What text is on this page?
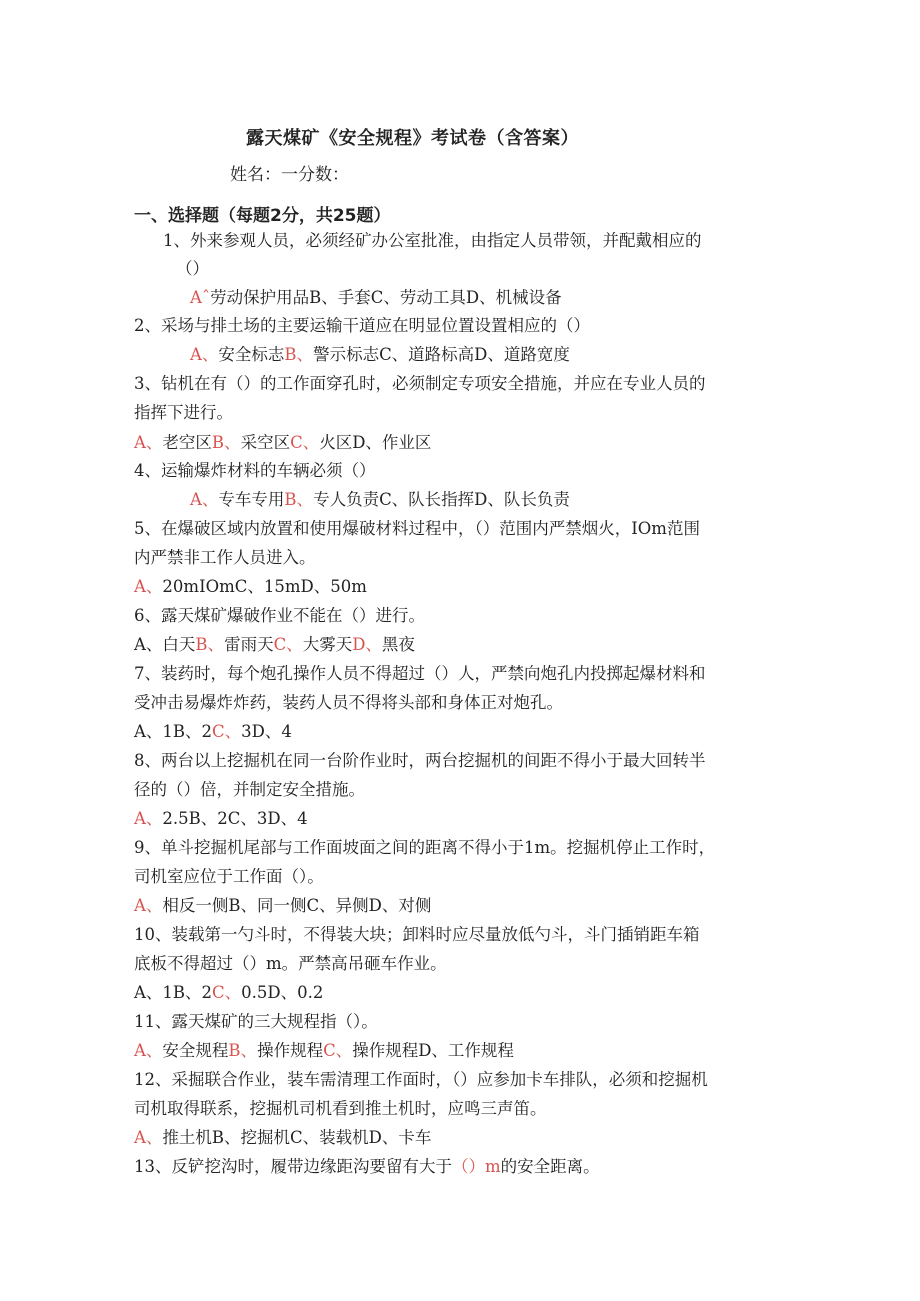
露天煤矿《安全规程》考试卷（含答案）
姓名：一分数：
一、选择题（每题2分，共25题）
1、外来参观人员，必须经矿办公室批准，由指定人员带领，并配戴相应的
（）
Aˆ劳动保护用品B、手套C、劳动工具D、机械设备
2、采场与排土场的主要运输干道应在明显位置设置相应的（）
A、安全标志B、警示标志C、道路标高D、道路宽度
3、钻机在有（）的工作面穿孔时，必须制定专项安全措施，并应在专业人员的
指挥下进行。
A、老空区B、采空区C、火区D、作业区
4、运输爆炸材料的车辆必须（）
A、专车专用B、专人负责C、队长指挥D、队长负责
5、在爆破区域内放置和使用爆破材料过程中，（）范围内严禁烟火，IOm范围
内严禁非工作人员进入。
A、20mIOmC、15mD、50m
6、露天煤矿爆破作业不能在（）进行。
A、白天B、雷雨天C、大雾天D、黑夜
7、装药时，每个炮孔操作人员不得超过（）人，严禁向炮孔内投掷起爆材料和
受冲击易爆炸炸药，装药人员不得将头部和身体正对炮孔。
A、1B、2C、3D、4
8、两台以上挖掘机在同一台阶作业时，两台挖掘机的间距不得小于最大回转半
径的（）倍，并制定安全措施。
A、2.5B、2C、3D、4
9、单斗挖掘机尾部与工作面坡面之间的距离不得小于1m。挖掘机停止工作时，
司机室应位于工作面（）。
A、相反一侧B、同一侧C、异侧D、对侧
10、装载第一勺斗时，不得装大块；卸料时应尽量放低勺斗，斗门插销距车箱
底板不得超过（）m。严禁高吊砸车作业。
A、1B、2C、0.5D、0.2
11、露天煤矿的三大规程指（）。
A、安全规程B、操作规程C、操作规程D、工作规程
12、采掘联合作业，装车需清理工作面时，（）应参加卡车排队，必须和挖掘机
司机取得联系，挖掘机司机看到推土机时，应鸣三声笛。
A、推土机B、挖掘机C、装载机D、卡车
13、反铲挖沟时，履带边缘距沟要留有大于（）m的安全距离。
